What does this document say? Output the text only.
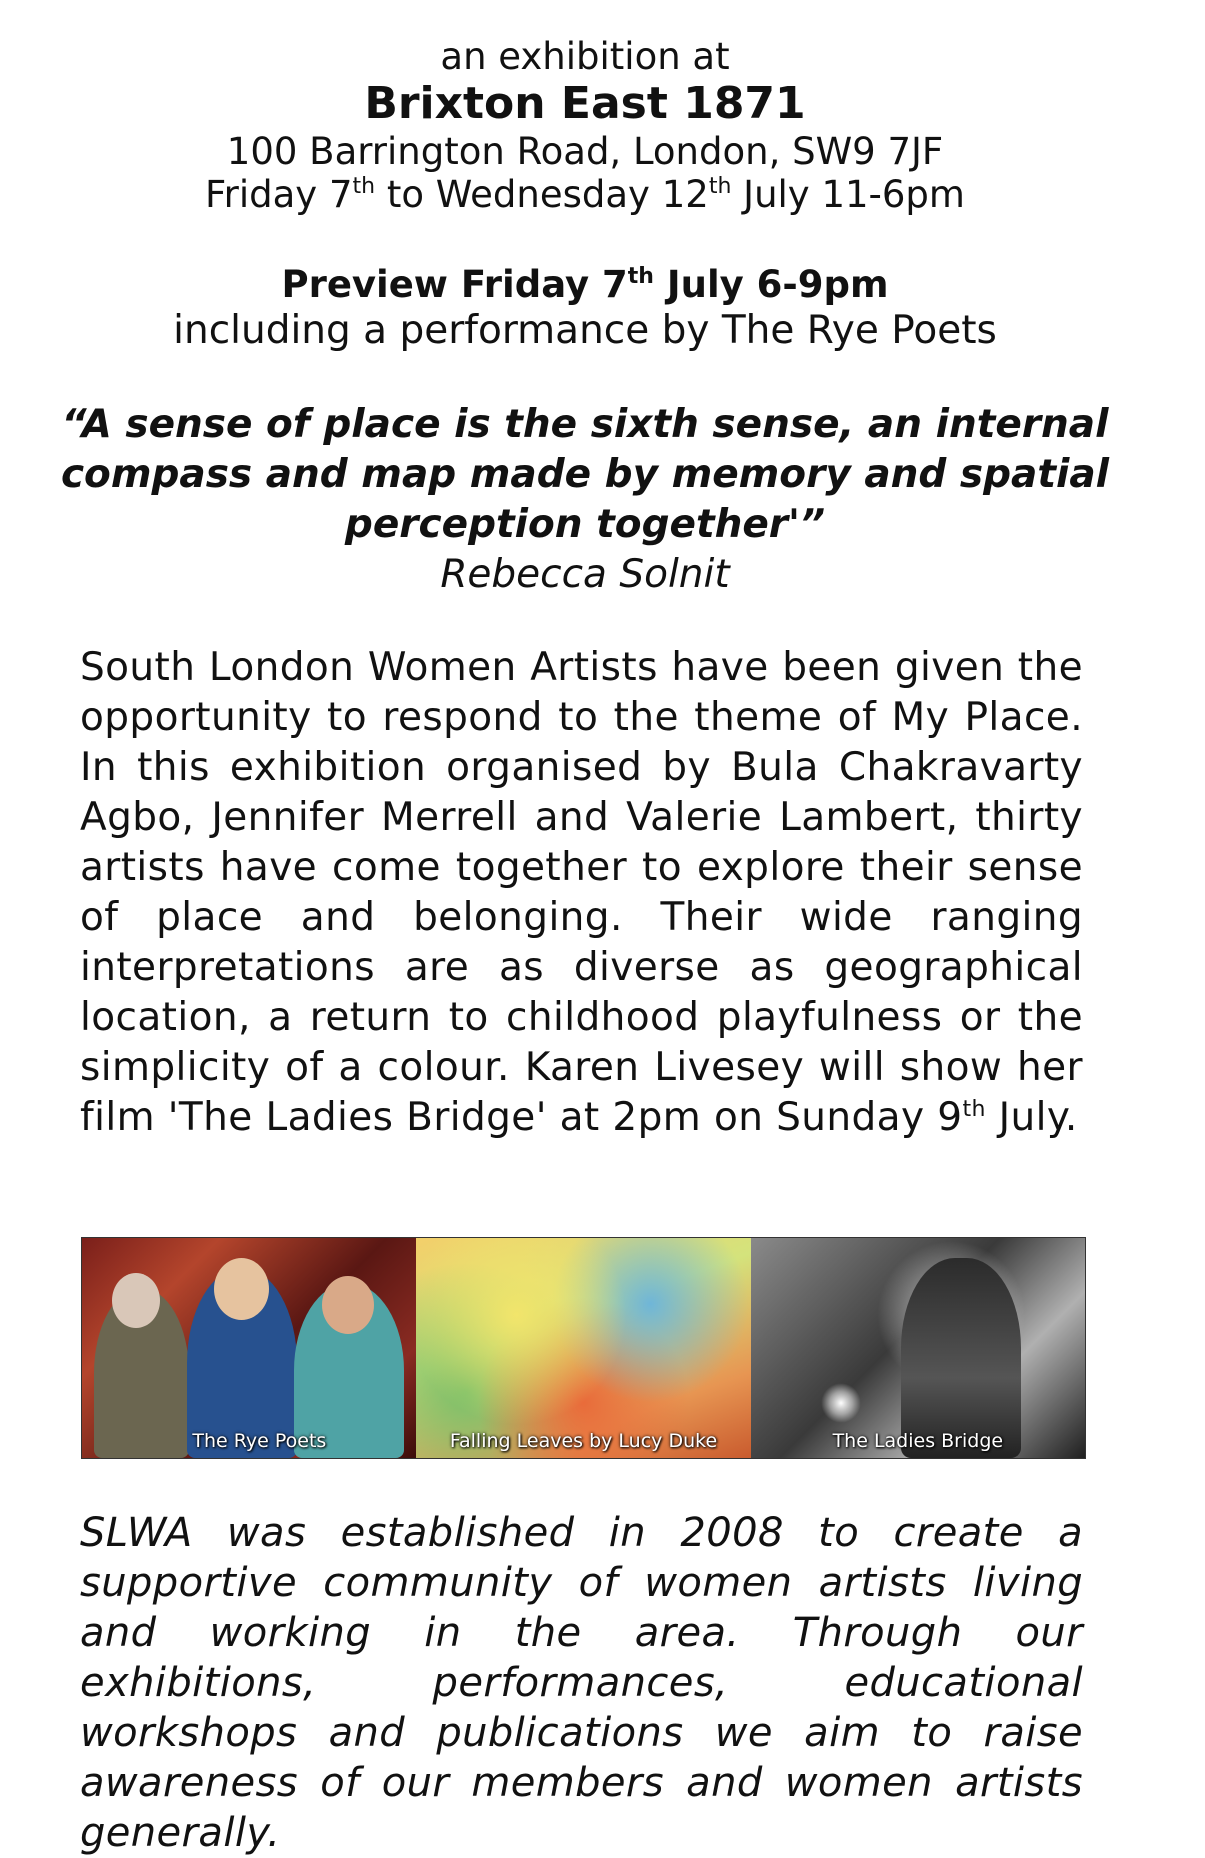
an exhibition at
Brixton East 1871
100 Barrington Road, London, SW9 7JF
Friday 7th to Wednesday 12th July 11-6pm
Preview Friday 7th July 6-9pm
including a performance by The Rye Poets
“A sense of place is the sixth sense, an internal compass and map made by memory and spatial perception together'”
Rebecca Solnit
South London Women Artists have been given the opportunity to respond to the theme of My Place. In this exhibition organised by Bula Chakravarty Agbo, Jennifer Merrell and Valerie Lambert, thirty artists have come together to explore their sense of place and belonging. Their wide ranging interpretations are as diverse as geographical location, a return to childhood playfulness or the simplicity of a colour. Karen Livesey will show her film 'The Ladies Bridge' at 2pm on Sunday 9th July.
The Rye Poets	Falling Leaves by Lucy Duke	The Ladies Bridge
SLWA was established in 2008 to create a supportive community of women artists living and working in the area. Through our exhibitions, performances, educational workshops and publications we aim to raise awareness of our members and women artists generally.
